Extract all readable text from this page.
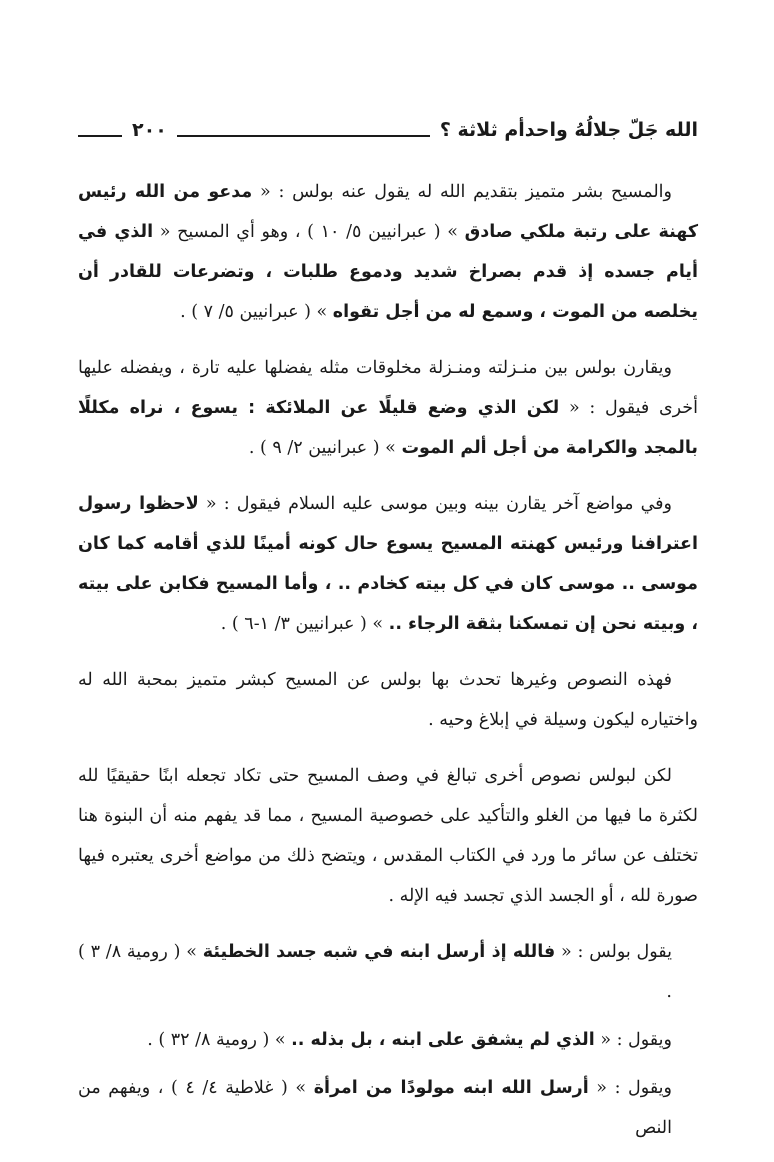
الله جَلّ جلالُهُ واحدأم ثلاثة ؟
٢٠٠

والمسيح بشر متميز بتقديم الله له يقول عنه بولس : « مدعو من الله رئيس كهنة على رتبة ملكي صادق » ( عبرانيين ٥/ ١٠ ) ، وهو أي المسيح « الذي في أيام جسده إذ قدم بصراخ شديد ودموع طلبات ، وتضرعات للقادر أن يخلصه من الموت ، وسمع له من أجل تقواه » ( عبرانيين ٥/ ٧ ) .

ويقارن بولس بين منـزلته ومنـزلة مخلوقات مثله يفضلها عليه تارة ، ويفضله عليها أخرى فيقول : « لكن الذي وضع قليلًا عن الملائكة : يسوع ، نراه مكللًا بالمجد والكرامة من أجل ألم الموت » ( عبرانيين ٢/ ٩ ) .

وفي مواضع آخر يقارن بينه وبين موسى عليه السلام فيقول : « لاحظوا رسول اعترافنا ورئيس كهنته المسيح يسوع حال كونه أمينًا للذي أقامه كما كان موسى .. موسى كان في كل بيته كخادم .. ، وأما المسيح فكابن على بيته ، وبيته نحن إن تمسكنا بثقة الرجاء .. » ( عبرانيين ٣/ ١-٦ ) .

فهذه النصوص وغيرها تحدث بها بولس عن المسيح كبشر متميز بمحبة الله له واختياره ليكون وسيلة في إبلاغ وحيه .

لكن لبولس نصوص أخرى تبالغ في وصف المسيح حتى تكاد تجعله ابنًا حقيقيًا لله لكثرة ما فيها من الغلو والتأكيد على خصوصية المسيح ، مما قد يفهم منه أن البنوة هنا تختلف عن سائر ما ورد في الكتاب المقدس ، ويتضح ذلك من مواضع أخرى يعتبره فيها صورة لله ، أو الجسد الذي تجسد فيه الإله .

يقول بولس : « فالله إذ أرسل ابنه في شبه جسد الخطيئة » ( رومية ٨/ ٣ ) .

ويقول : « الذي لم يشفق على ابنه ، بل بذله .. » ( رومية ٨/ ٣٢ ) .

ويقول : « أرسل الله ابنه مولودًا من امرأة » ( غلاطية ٤/ ٤ ) ، ويفهم من النص
